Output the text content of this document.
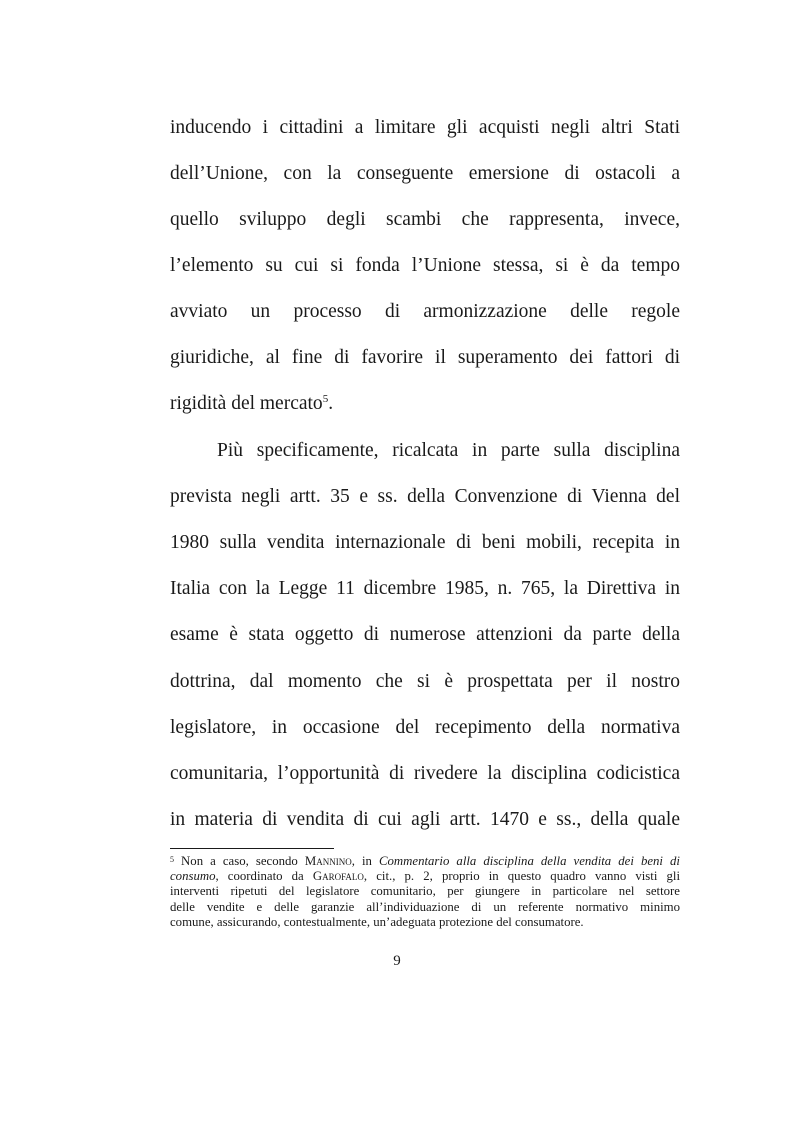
inducendo i cittadini a limitare gli acquisti negli altri Stati
dell’Unione, con la conseguente emersione di ostacoli a
quello sviluppo degli scambi che rappresenta, invece,
l’elemento su cui si fonda l’Unione stessa, si è da tempo
avviato un processo di armonizzazione delle regole
giuridiche, al fine di favorire il superamento dei fattori di
rigidità del mercato$^5$.
Più specificamente, ricalcata in parte sulla disciplina
prevista negli artt. 35 e ss. della Convenzione di Vienna del
1980 sulla vendita internazionale di beni mobili, recepita in
Italia con la Legge 11 dicembre 1985, n. 765, la Direttiva in
esame è stata oggetto di numerose attenzioni da parte della
dottrina, dal momento che si è prospettata per il nostro
legislatore, in occasione del recepimento della normativa
comunitaria, l’opportunità di rivedere la disciplina codicistica
in materia di vendita di cui agli artt. 1470 e ss., della quale
$^5$ Non a caso, secondo Mannino, in Commentario alla disciplina della vendita dei beni di
consumo, coordinato da Garofalo, cit., p. 2, proprio in questo quadro vanno visti gli
interventi ripetuti del legislatore comunitario, per giungere in particolare nel settore
delle vendite e delle garanzie all’individuazione di un referente normativo minimo
comune, assicurando, contestualmente, un’adeguata protezione del consumatore.
9
